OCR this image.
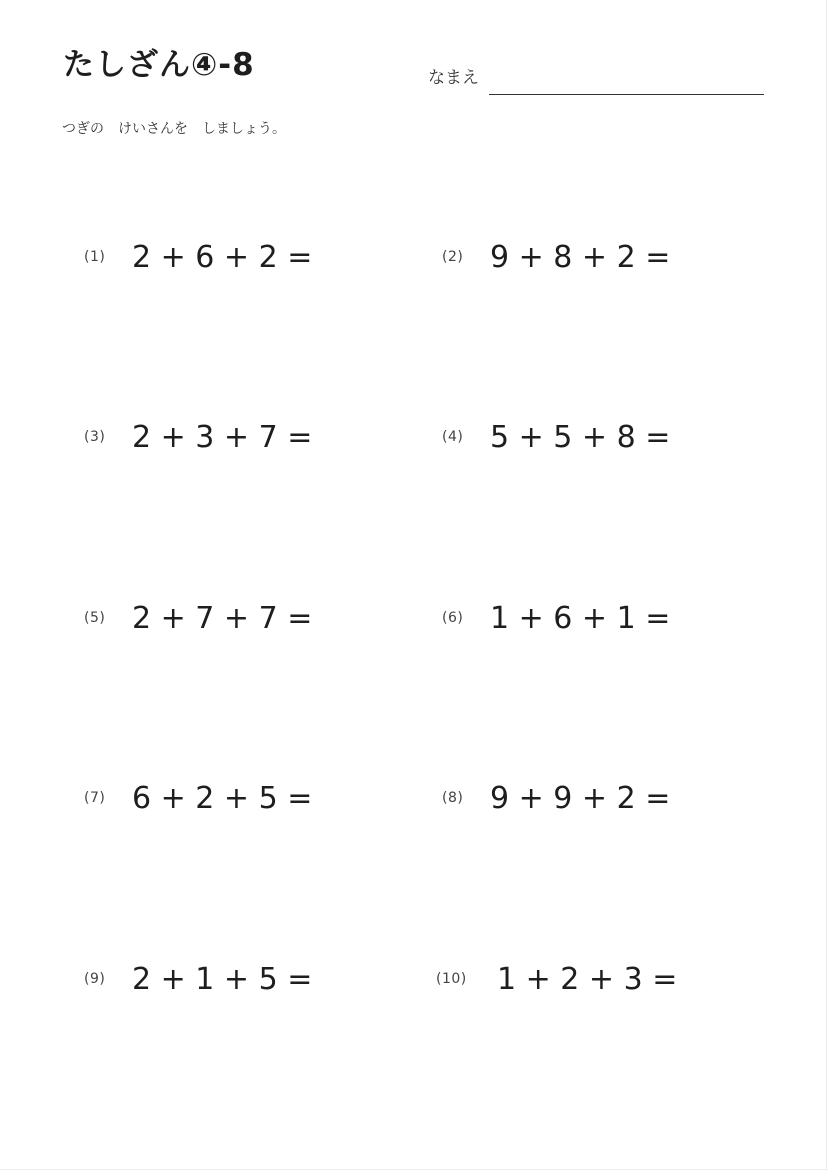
たしざん④-8	なまえ
つぎの　けいさんを　しましょう。
(1) 2 + 6 + 2 =	(2) 9 + 8 + 2 =
(3) 2 + 3 + 7 =	(4) 5 + 5 + 8 =
(5) 2 + 7 + 7 =	(6) 1 + 6 + 1 =
(7) 6 + 2 + 5 =	(8) 9 + 9 + 2 =
(9) 2 + 1 + 5 =	(10)	1 + 2 + 3 =
